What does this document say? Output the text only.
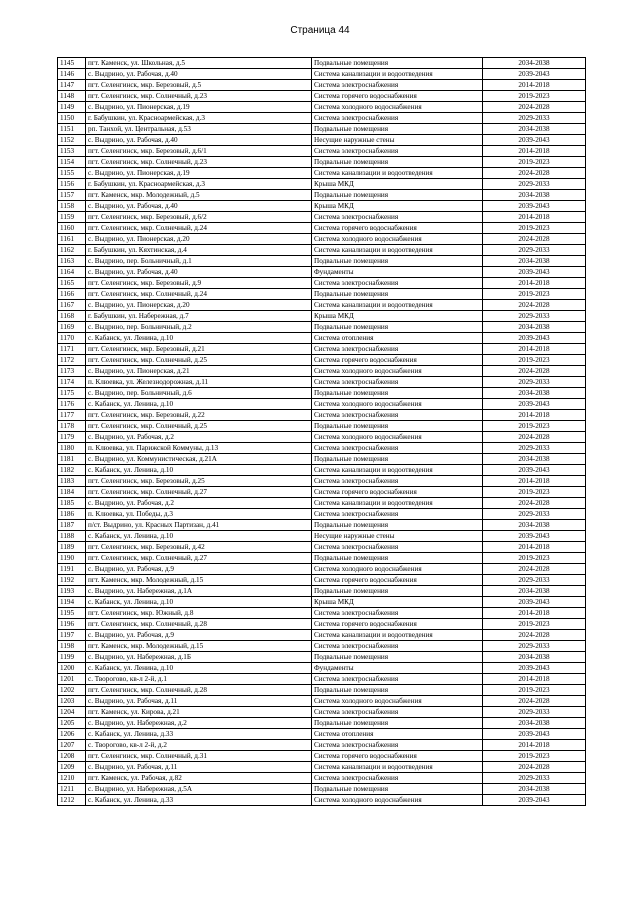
Страница 44
1145	пгт. Каменск, ул. Школьная, д.5	Подвальные помещения	2034-2038
1146	с. Выдрино, ул. Рабочая, д.40	Система канализации и водоотведения	2039-2043
1147	пгт. Селенгинск, мкр. Березовый, д.5	Система электроснабжения	2014-2018
1148	пгт. Селенгинск, мкр. Солнечный, д.23	Система горячего водоснабжения	2019-2023
1149	с. Выдрино, ул. Пионерская, д.19	Система холодного водоснабжения	2024-2028
1150	г. Бабушкин, ул. Красноармейская, д.3	Система электроснабжения	2029-2033
1151	рп. Танхой, ул. Центральная, д.53	Подвальные помещения	2034-2038
1152	с. Выдрино, ул. Рабочая, д.40	Несущие наружные стены	2039-2043
1153	пгт. Селенгинск, мкр. Березовый, д.6/1	Система электроснабжения	2014-2018
1154	пгт. Селенгинск, мкр. Солнечный, д.23	Подвальные помещения	2019-2023
1155	с. Выдрино, ул. Пионерская, д.19	Система канализации и водоотведения	2024-2028
1156	г. Бабушкин, ул. Красноармейская, д.3	Крыша МКД	2029-2033
1157	пгт. Каменск, мкр. Молодежный, д.5	Подвальные помещения	2034-2038
1158	с. Выдрино, ул. Рабочая, д.40	Крыша МКД	2039-2043
1159	пгт. Селенгинск, мкр. Березовый, д.6/2	Система электроснабжения	2014-2018
1160	пгт. Селенгинск, мкр. Солнечный, д.24	Система горячего водоснабжения	2019-2023
1161	с. Выдрино, ул. Пионерская, д.20	Система холодного водоснабжения	2024-2028
1162	г. Бабушкин, ул. Кяхтинская, д.4	Система канализации и водоотведения	2029-2033
1163	с. Выдрино, пер. Больничный, д.1	Подвальные помещения	2034-2038
1164	с. Выдрино, ул. Рабочая, д.40	Фундаменты	2039-2043
1165	пгт. Селенгинск, мкр. Березовый, д.9	Система электроснабжения	2014-2018
1166	пгт. Селенгинск, мкр. Солнечный, д.24	Подвальные помещения	2019-2023
1167	с. Выдрино, ул. Пионерская, д.20	Система канализации и водоотведения	2024-2028
1168	г. Бабушкин, ул. Набережная, д.7	Крыша МКД	2029-2033
1169	с. Выдрино, пер. Больничный, д.2	Подвальные помещения	2034-2038
1170	с. Кабанск, ул. Ленина, д.10	Система отопления	2039-2043
1171	пгт. Селенгинск, мкр. Березовый, д.21	Система электроснабжения	2014-2018
1172	пгт. Селенгинск, мкр. Солнечный, д.25	Система горячего водоснабжения	2019-2023
1173	с. Выдрино, ул. Пионерская, д.21	Система холодного водоснабжения	2024-2028
1174	п. Клюевка, ул. Железнодорожная, д.11	Система электроснабжения	2029-2033
1175	с. Выдрино, пер. Больничный, д.6	Подвальные помещения	2034-2038
1176	с. Кабанск, ул. Ленина, д.10	Система холодного водоснабжения	2039-2043
1177	пгт. Селенгинск, мкр. Березовый, д.22	Система электроснабжения	2014-2018
1178	пгт. Селенгинск, мкр. Солнечный, д.25	Подвальные помещения	2019-2023
1179	с. Выдрино, ул. Рабочая, д.2	Система холодного водоснабжения	2024-2028
1180	п. Клюевка, ул. Парижской Коммуны, д.13	Система электроснабжения	2029-2033
1181	с. Выдрино, ул. Коммунистическая, д.21А	Подвальные помещения	2034-2038
1182	с. Кабанск, ул. Ленина, д.10	Система канализации и водоотведения	2039-2043
1183	пгт. Селенгинск, мкр. Березовый, д.25	Система электроснабжения	2014-2018
1184	пгт. Селенгинск, мкр. Солнечный, д.27	Система горячего водоснабжения	2019-2023
1185	с. Выдрино, ул. Рабочая, д.2	Система канализации и водоотведения	2024-2028
1186	п. Клюевка, ул. Победы, д.3	Система электроснабжения	2029-2033
1187	п/ст. Выдрино, ул. Красных Партизан, д.41	Подвальные помещения	2034-2038
1188	с. Кабанск, ул. Ленина, д.10	Несущие наружные стены	2039-2043
1189	пгт. Селенгинск, мкр. Березовый, д.42	Система электроснабжения	2014-2018
1190	пгт. Селенгинск, мкр. Солнечный, д.27	Подвальные помещения	2019-2023
1191	с. Выдрино, ул. Рабочая, д.9	Система холодного водоснабжения	2024-2028
1192	пгт. Каменск, мкр. Молодежный, д.15	Система горячего водоснабжения	2029-2033
1193	с. Выдрино, ул. Набережная, д.1А	Подвальные помещения	2034-2038
1194	с. Кабанск, ул. Ленина, д.10	Крыша МКД	2039-2043
1195	пгт. Селенгинск, мкр. Южный, д.8	Система электроснабжения	2014-2018
1196	пгт. Селенгинск, мкр. Солнечный, д.28	Система горячего водоснабжения	2019-2023
1197	с. Выдрино, ул. Рабочая, д.9	Система канализации и водоотведения	2024-2028
1198	пгт. Каменск, мкр. Молодежный, д.15	Система электроснабжения	2029-2033
1199	с. Выдрино, ул. Набережная, д.1Б	Подвальные помещения	2034-2038
1200	с. Кабанск, ул. Ленина, д.10	Фундаменты	2039-2043
1201	с. Творогово, кв-л 2-й, д.1	Система электроснабжения	2014-2018
1202	пгт. Селенгинск, мкр. Солнечный, д.28	Подвальные помещения	2019-2023
1203	с. Выдрино, ул. Рабочая, д.11	Система холодного водоснабжения	2024-2028
1204	пгт. Каменск, ул. Кирова, д.21	Система электроснабжения	2029-2033
1205	с. Выдрино, ул. Набережная, д.2	Подвальные помещения	2034-2038
1206	с. Кабанск, ул. Ленина, д.33	Система отопления	2039-2043
1207	с. Творогово, кв-л 2-й, д.2	Система электроснабжения	2014-2018
1208	пгт. Селенгинск, мкр. Солнечный, д.31	Система горячего водоснабжения	2019-2023
1209	с. Выдрино, ул. Рабочая, д.11	Система канализации и водоотведения	2024-2028
1210	пгт. Каменск, ул. Рабочая, д.82	Система электроснабжения	2029-2033
1211	с. Выдрино, ул. Набережная, д.5А	Подвальные помещения	2034-2038
1212	с. Кабанск, ул. Ленина, д.33	Система холодного водоснабжения	2039-2043
